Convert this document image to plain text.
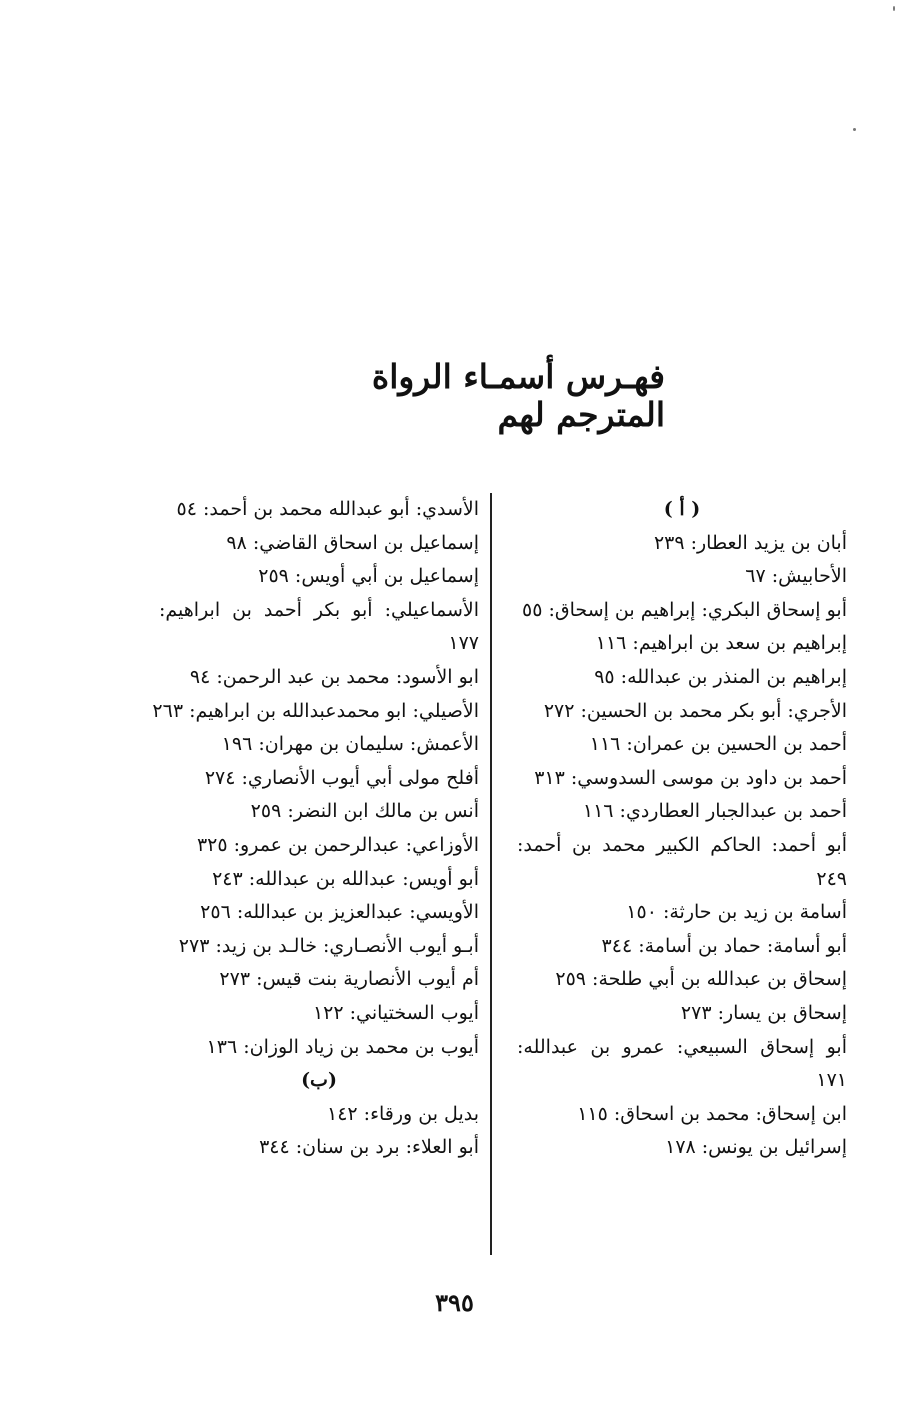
فهـرس أسمـاء الرواة
المترجم لهم
( أ )
أبان بن يزيد العطار: ٢٣٩
الأحابيش: ٦٧
أبو إسحاق البكري: إبراهيم بن إسحاق: ٥٥
إبراهيم بن سعد بن ابراهيم: ١١٦
إبراهيم بن المنذر بن عبدالله: ٩٥
الأجري: أبو بكر محمد بن الحسين: ٢٧٢
أحمد بن الحسين بن عمران: ١١٦
أحمد بن داود بن موسى السدوسي: ٣١٣
أحمد بن عبدالجبار العطاردي: ١١٦
أبو أحمد: الحاكم الكبير محمد بن أحمد: ٢٤٩
أسامة بن زيد بن حارثة: ١٥٠
أبو أسامة: حماد بن أسامة: ٣٤٤
إسحاق بن عبدالله بن أبي طلحة: ٢٥٩
إسحاق بن يسار: ٢٧٣
أبو إسحاق السبيعي: عمرو بن عبدالله: ١٧١
ابن إسحاق: محمد بن اسحاق: ١١٥
إسرائيل بن يونس: ١٧٨
الأسدي: أبو عبدالله محمد بن أحمد: ٥٤
إسماعيل بن اسحاق القاضي: ٩٨
إسماعيل بن أبي أويس: ٢٥٩
الأسماعيلي: أبو بكر أحمد بن ابراهيم: ١٧٧
ابو الأسود: محمد بن عبد الرحمن: ٩٤
الأصيلي: ابو محمدعبدالله بن ابراهيم: ٢٦٣
الأعمش: سليمان بن مهران: ١٩٦
أفلح مولى أبي أيوب الأنصاري: ٢٧٤
أنس بن مالك ابن النضر: ٢٥٩
الأوزاعي: عبدالرحمن بن عمرو: ٣٢٥
أبو أويس: عبدالله بن عبدالله: ٢٤٣
الأويسي: عبدالعزيز بن عبدالله: ٢٥٦
أبـو أيوب الأنصـاري: خالـد بن زيد: ٢٧٣
أم أيوب الأنصارية بنت قيس: ٢٧٣
أيوب السختياني: ١٢٢
أيوب بن محمد بن زياد الوزان: ١٣٦
(ب)
بديل بن ورقاء: ١٤٢
أبو العلاء: برد بن سنان: ٣٤٤
٣٩٥
